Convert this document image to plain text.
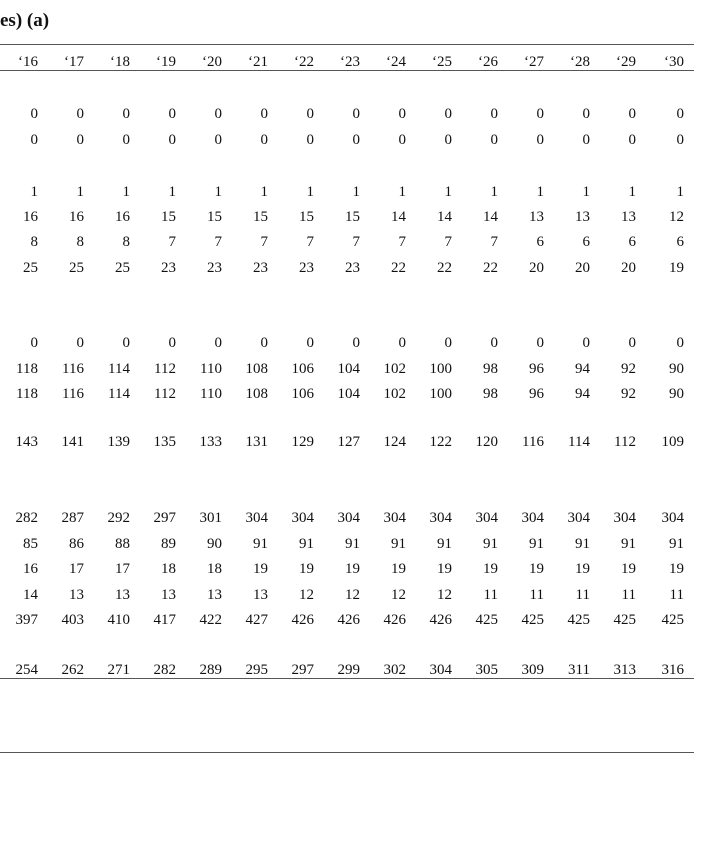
es) (a)
‘16	‘17	‘18	‘19	‘20	‘21	‘22	‘23	‘24	‘25	‘26	‘27	‘28	‘29	‘30
0	0	0	0	0	0	0	0	0	0	0	0	0	0	0
0	0	0	0	0	0	0	0	0	0	0	0	0	0	0
1	1	1	1	1	1	1	1	1	1	1	1	1	1	1
16	16	16	15	15	15	15	15	14	14	14	13	13	13	12
8	8	8	7	7	7	7	7	7	7	7	6	6	6	6
25	25	25	23	23	23	23	23	22	22	22	20	20	20	19
0	0	0	0	0	0	0	0	0	0	0	0	0	0	0
118	116	114	112	110	108	106	104	102	100	98	96	94	92	90
118	116	114	112	110	108	106	104	102	100	98	96	94	92	90
143	141	139	135	133	131	129	127	124	122	120	116	114	112	109
282	287	292	297	301	304	304	304	304	304	304	304	304	304	304
85	86	88	89	90	91	91	91	91	91	91	91	91	91	91
16	17	17	18	18	19	19	19	19	19	19	19	19	19	19
14	13	13	13	13	13	12	12	12	12	11	11	11	11	11
397	403	410	417	422	427	426	426	426	426	425	425	425	425	425
254	262	271	282	289	295	297	299	302	304	305	309	311	313	316
